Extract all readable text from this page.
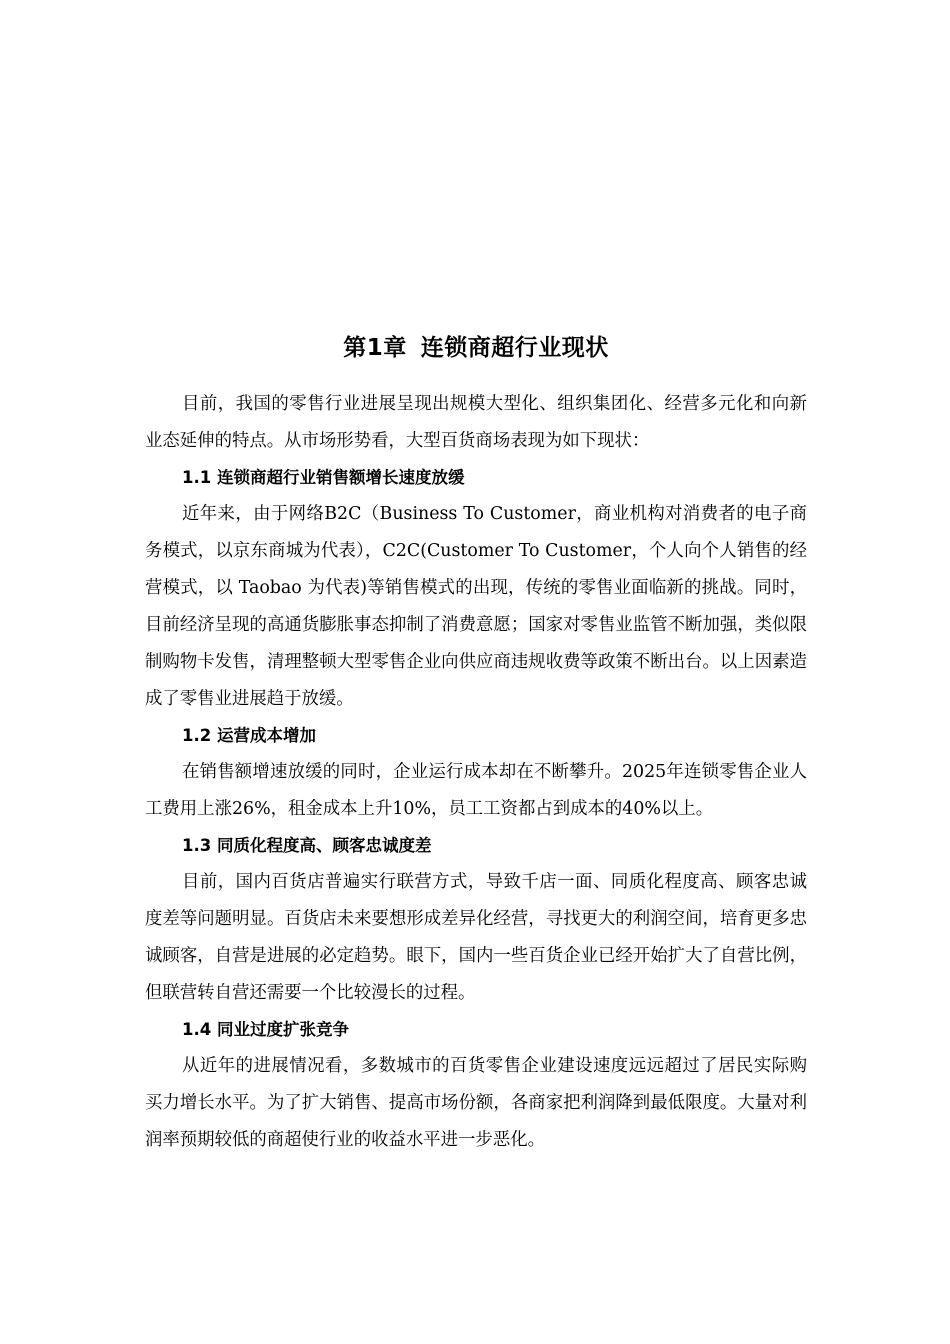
第1章 连锁商超行业现状

目前，我国的零售行业进展呈现出规模大型化、组织集团化、经营多元化和向新业态延伸的特点。从市场形势看，大型百货商场表现为如下现状：

1.1 连锁商超行业销售额增长速度放缓

近年来，由于网络B2C（Business To Customer，商业机构对消费者的电子商务模式，以京东商城为代表），C2C(Customer To Customer，个人向个人销售的经营模式，以 Taobao 为代表)等销售模式的出现，传统的零售业面临新的挑战。同时，目前经济呈现的高通货膨胀事态抑制了消费意愿；国家对零售业监管不断加强，类似限制购物卡发售，清理整顿大型零售企业向供应商违规收费等政策不断出台。以上因素造成了零售业进展趋于放缓。

1.2 运营成本增加

在销售额增速放缓的同时，企业运行成本却在不断攀升。2025年连锁零售企业人工费用上涨26%，租金成本上升10%，员工工资都占到成本的40%以上。

1.3 同质化程度高、顾客忠诚度差

目前，国内百货店普遍实行联营方式，导致千店一面、同质化程度高、顾客忠诚度差等问题明显。百货店未来要想形成差异化经营，寻找更大的利润空间，培育更多忠诚顾客，自营是进展的必定趋势。眼下，国内一些百货企业已经开始扩大了自营比例，但联营转自营还需要一个比较漫长的过程。

1.4 同业过度扩张竞争

从近年的进展情况看，多数城市的百货零售企业建设速度远远超过了居民实际购买力增长水平。为了扩大销售、提高市场份额，各商家把利润降到最低限度。大量对利润率预期较低的商超使行业的收益水平进一步恶化。
